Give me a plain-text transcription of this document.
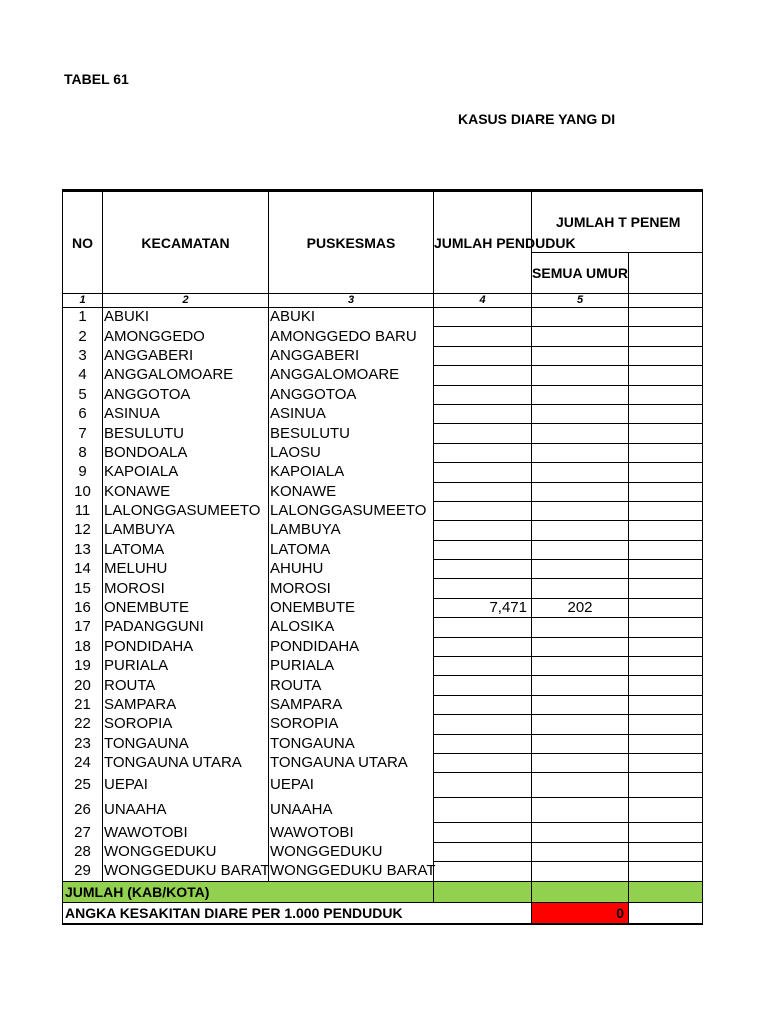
TABEL 61
KASUS DIARE YANG DI
NO	KECAMATAN	PUSKESMAS	JUMLAH PENDUDUK	JUMLAH T PENEM	
				SEMUA UMUR	
1	2	3	4	5	
1	ABUKI	ABUKI			
2	AMONGGEDO	AMONGGEDO BARU			
3	ANGGABERI	ANGGABERI			
4	ANGGALOMOARE	ANGGALOMOARE			
5	ANGGOTOA	ANGGOTOA			
6	ASINUA	ASINUA			
7	BESULUTU	BESULUTU			
8	BONDOALA	LAOSU			
9	KAPOIALA	KAPOIALA			
10	KONAWE	KONAWE			
11	LALONGGASUMEETO	LALONGGASUMEETO			
12	LAMBUYA	LAMBUYA			
13	LATOMA	LATOMA			
14	MELUHU	AHUHU			
15	MOROSI	MOROSI			
16	ONEMBUTE	ONEMBUTE	7,471	202	
17	PADANGGUNI	ALOSIKA			
18	PONDIDAHA	PONDIDAHA			
19	PURIALA	PURIALA			
20	ROUTA	ROUTA			
21	SAMPARA	SAMPARA			
22	SOROPIA	SOROPIA			
23	TONGAUNA	TONGAUNA			
24	TONGAUNA UTARA	TONGAUNA UTARA			
25	UEPAI	UEPAI			
26	UNAAHA	UNAAHA			
27	WAWOTOBI	WAWOTOBI			
28	WONGGEDUKU	WONGGEDUKU			
29	WONGGEDUKU BARAT	WONGGEDUKU BARAT			
JUMLAH (KAB/KOTA)					
ANGKA KESAKITAN DIARE PER 1.000 PENDUDUK				0	
